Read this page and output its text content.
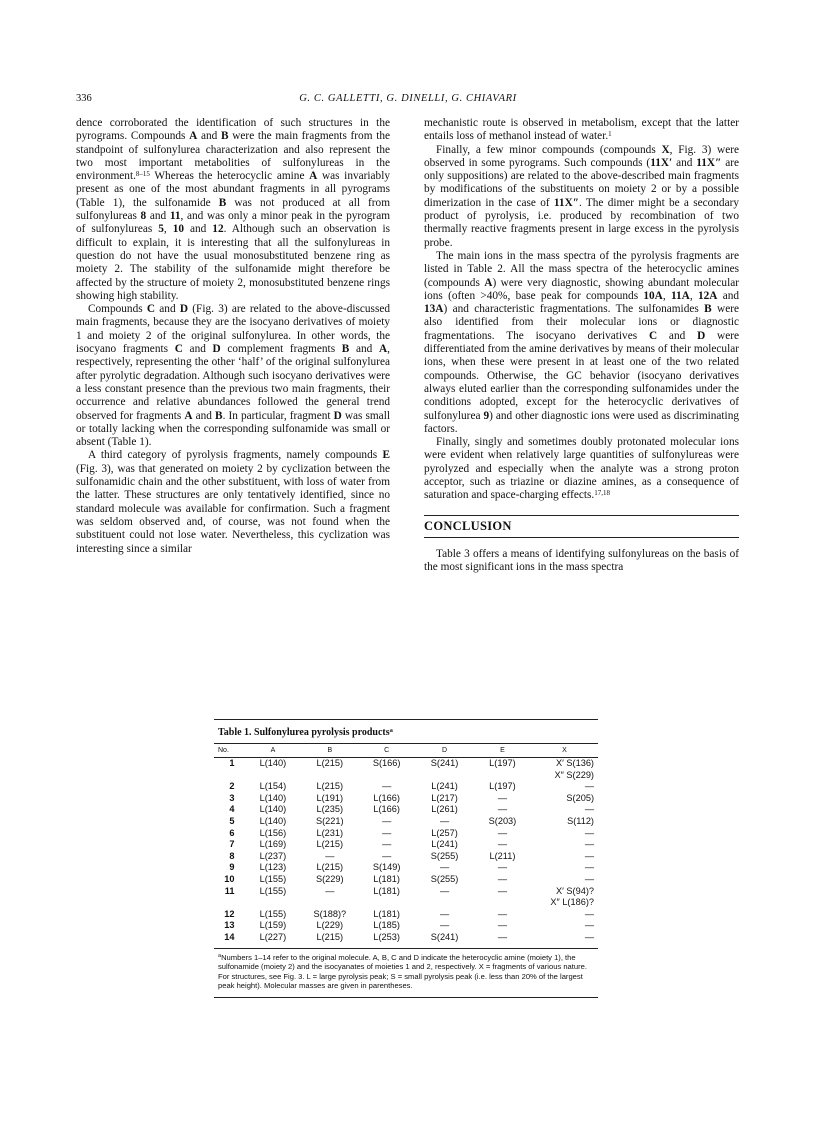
336	G. C. GALLETTI, G. DINELLI, G. CHIAVARI

dence corroborated the identification of such structures in the pyrograms. Compounds A and B were the main fragments from the standpoint of sulfonylurea characterization and also represent the two most important metabolities of sulfonylureas in the environment.$^{8-15}$ Whereas the heterocyclic amine A was invariably present as one of the most abundant fragments in all pyrograms (Table 1), the sulfonamide B was not produced at all from sulfonylureas 8 and 11, and was only a minor peak in the pyrogram of sulfonylureas 5, 10 and 12. Although such an observation is difficult to explain, it is interesting that all the sulfonylureas in question do not have the usual monosubstituted benzene ring as moiety 2. The stability of the sulfonamide might therefore be affected by the structure of moiety 2, monosubstituted benzene rings showing high stability.

Compounds C and D (Fig. 3) are related to the above-discussed main fragments, because they are the isocyano derivatives of moiety 1 and moiety 2 of the original sulfonylurea. In other words, the isocyano fragments C and D complement fragments B and A, respectively, representing the other ‘half’ of the original sulfonylurea after pyrolytic degradation. Although such isocyano derivatives were a less constant presence than the previous two main fragments, their occurrence and relative abundances followed the general trend observed for fragments A and B. In particular, fragment D was small or totally lacking when the corresponding sulfonamide was small or absent (Table 1).

A third category of pyrolysis fragments, namely compounds E (Fig. 3), was that generated on moiety 2 by cyclization between the sulfonamidic chain and the other substituent, with loss of water from the latter. These structures are only tentatively identified, since no standard molecule was available for confirmation. Such a fragment was seldom observed and, of course, was not found when the substituent could not lose water. Nevertheless, this cyclization was interesting since a similar

mechanistic route is observed in metabolism, except that the latter entails loss of methanol instead of water.$^1$

Finally, a few minor compounds (compounds X, Fig. 3) were observed in some pyrograms. Such compounds (11X′ and 11X″ are only suppositions) are related to the above-described main fragments by modifications of the substituents on moiety 2 or by a possible dimerization in the case of 11X″. The dimer might be a secondary product of pyrolysis, i.e. produced by recombination of two thermally reactive fragments present in large excess in the pyrolysis probe.

The main ions in the mass spectra of the pyrolysis fragments are listed in Table 2. All the mass spectra of the heterocyclic amines (compounds A) were very diagnostic, showing abundant molecular ions (often >40%, base peak for compounds 10A, 11A, 12A and 13A) and characteristic fragmentations. The sulfonamides B were also identified from their molecular ions or diagnostic fragmentations. The isocyano derivatives C and D were differentiated from the amine derivatives by means of their molecular ions, when these were present in at least one of the two related compounds. Otherwise, the GC behavior (isocyano derivatives always eluted earlier than the corresponding sulfonamides under the conditions adopted, except for the heterocyclic derivatives of sulfonylurea 9) and other diagnostic ions were used as discriminating factors.

Finally, singly and sometimes doubly protonated molecular ions were evident when relatively large quantities of sulfonylureas were pyrolyzed and especially when the analyte was a strong proton acceptor, such as triazine or diazine amines, as a consequence of saturation and space-charging effects.$^{17,18}$

CONCLUSION

Table 3 offers a means of identifying sulfonylureas on the basis of the most significant ions in the mass spectra

Table 1. Sulfonylurea pyrolysis products$^a$
No.	A	B	C	D	E	X
1	L(140)	L(215)	S(166)	S(241)	L(197)	X′ S(136)
						X″ S(229)
2	L(154)	L(215)	—	L(241)	L(197)	—
3	L(140)	L(191)	L(166)	L(217)	—	S(205)
4	L(140)	L(235)	L(166)	L(261)	—	—
5	L(140)	S(221)	—	—	S(203)	S(112)
6	L(156)	L(231)	—	L(257)	—	—
7	L(169)	L(215)	—	L(241)	—	—
8	L(237)	—	—	S(255)	L(211)	—
9	L(123)	L(215)	S(149)	—	—	—
10	L(155)	S(229)	L(181)	S(255)	—	—
11	L(155)	—	L(181)	—	—	X′ S(94)?
						X″ L(186)?
12	L(155)	S(188)?	L(181)	—	—	—
13	L(159)	L(229)	L(185)	—	—	—
14	L(227)	L(215)	L(253)	S(241)	—	—
$^a$Numbers 1–14 refer to the original molecule. A, B, C and D indicate the heterocyclic amine (moiety 1), the sulfonamide (moiety 2) and the isocyanates of moieties 1 and 2, respectively. X = fragments of various nature. For structures, see Fig. 3. L = large pyrolysis peak; S = small pyrolysis peak (i.e. less than 20% of the largest peak height). Molecular masses are given in parentheses.
